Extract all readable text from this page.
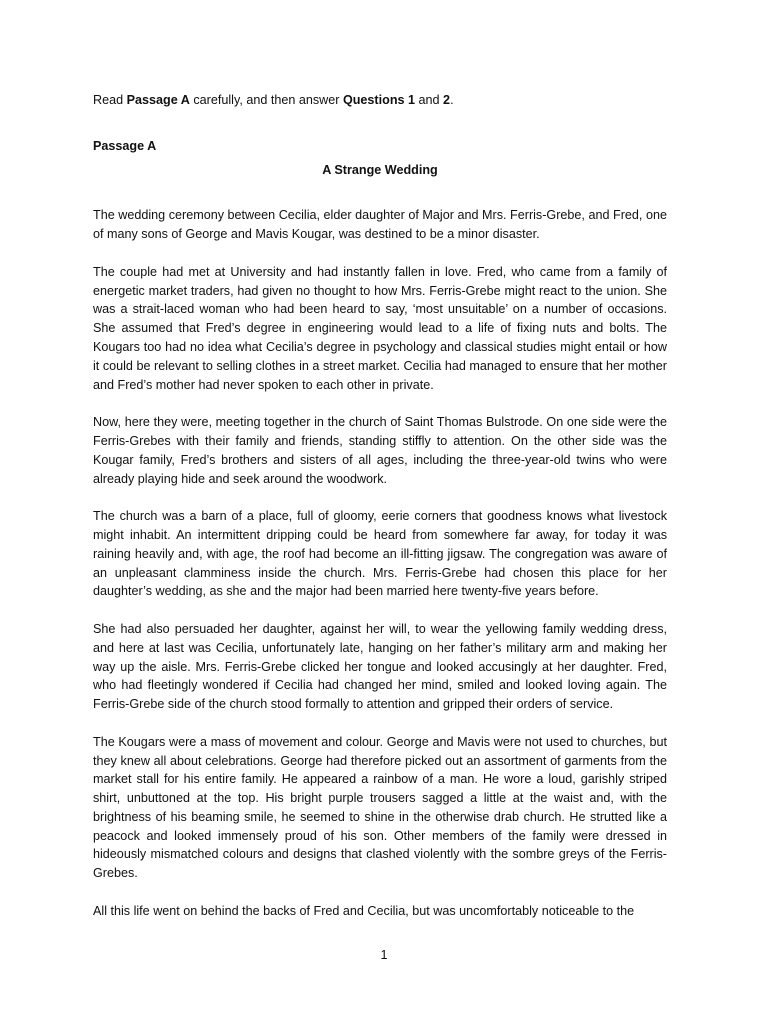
Read Passage A carefully, and then answer Questions 1 and 2.

Passage A

A Strange Wedding

The wedding ceremony between Cecilia, elder daughter of Major and Mrs. Ferris-Grebe, and Fred, one of many sons of George and Mavis Kougar, was destined to be a minor disaster.

The couple had met at University and had instantly fallen in love. Fred, who came from a family of energetic market traders, had given no thought to how Mrs. Ferris-Grebe might react to the union. She was a strait-laced woman who had been heard to say, ‘most unsuitable’ on a number of occasions. She assumed that Fred’s degree in engineering would lead to a life of fixing nuts and bolts. The Kougars too had no idea what Cecilia’s degree in psychology and classical studies might entail or how it could be relevant to selling clothes in a street market. Cecilia had managed to ensure that her mother and Fred’s mother had never spoken to each other in private.

Now, here they were, meeting together in the church of Saint Thomas Bulstrode. On one side were the Ferris-Grebes with their family and friends, standing stiffly to attention. On the other side was the Kougar family, Fred’s brothers and sisters of all ages, including the three-year-old twins who were already playing hide and seek around the woodwork.

The church was a barn of a place, full of gloomy, eerie corners that goodness knows what livestock might inhabit. An intermittent dripping could be heard from somewhere far away, for today it was raining heavily and, with age, the roof had become an ill-fitting jigsaw. The congregation was aware of an unpleasant clamminess inside the church. Mrs. Ferris-Grebe had chosen this place for her daughter’s wedding, as she and the major had been married here twenty-five years before.

She had also persuaded her daughter, against her will, to wear the yellowing family wedding dress, and here at last was Cecilia, unfortunately late, hanging on her father’s military arm and making her way up the aisle. Mrs. Ferris-Grebe clicked her tongue and looked accusingly at her daughter. Fred, who had fleetingly wondered if Cecilia had changed her mind, smiled and looked loving again. The Ferris-Grebe side of the church stood formally to attention and gripped their orders of service.

The Kougars were a mass of movement and colour. George and Mavis were not used to churches, but they knew all about celebrations. George had therefore picked out an assortment of garments from the market stall for his entire family. He appeared a rainbow of a man. He wore a loud, garishly striped shirt, unbuttoned at the top. His bright purple trousers sagged a little at the waist and, with the brightness of his beaming smile, he seemed to shine in the otherwise drab church. He strutted like a peacock and looked immensely proud of his son. Other members of the family were dressed in hideously mismatched colours and designs that clashed violently with the sombre greys of the Ferris- Grebes.

All this life went on behind the backs of Fred and Cecilia, but was uncomfortably noticeable to the

1
